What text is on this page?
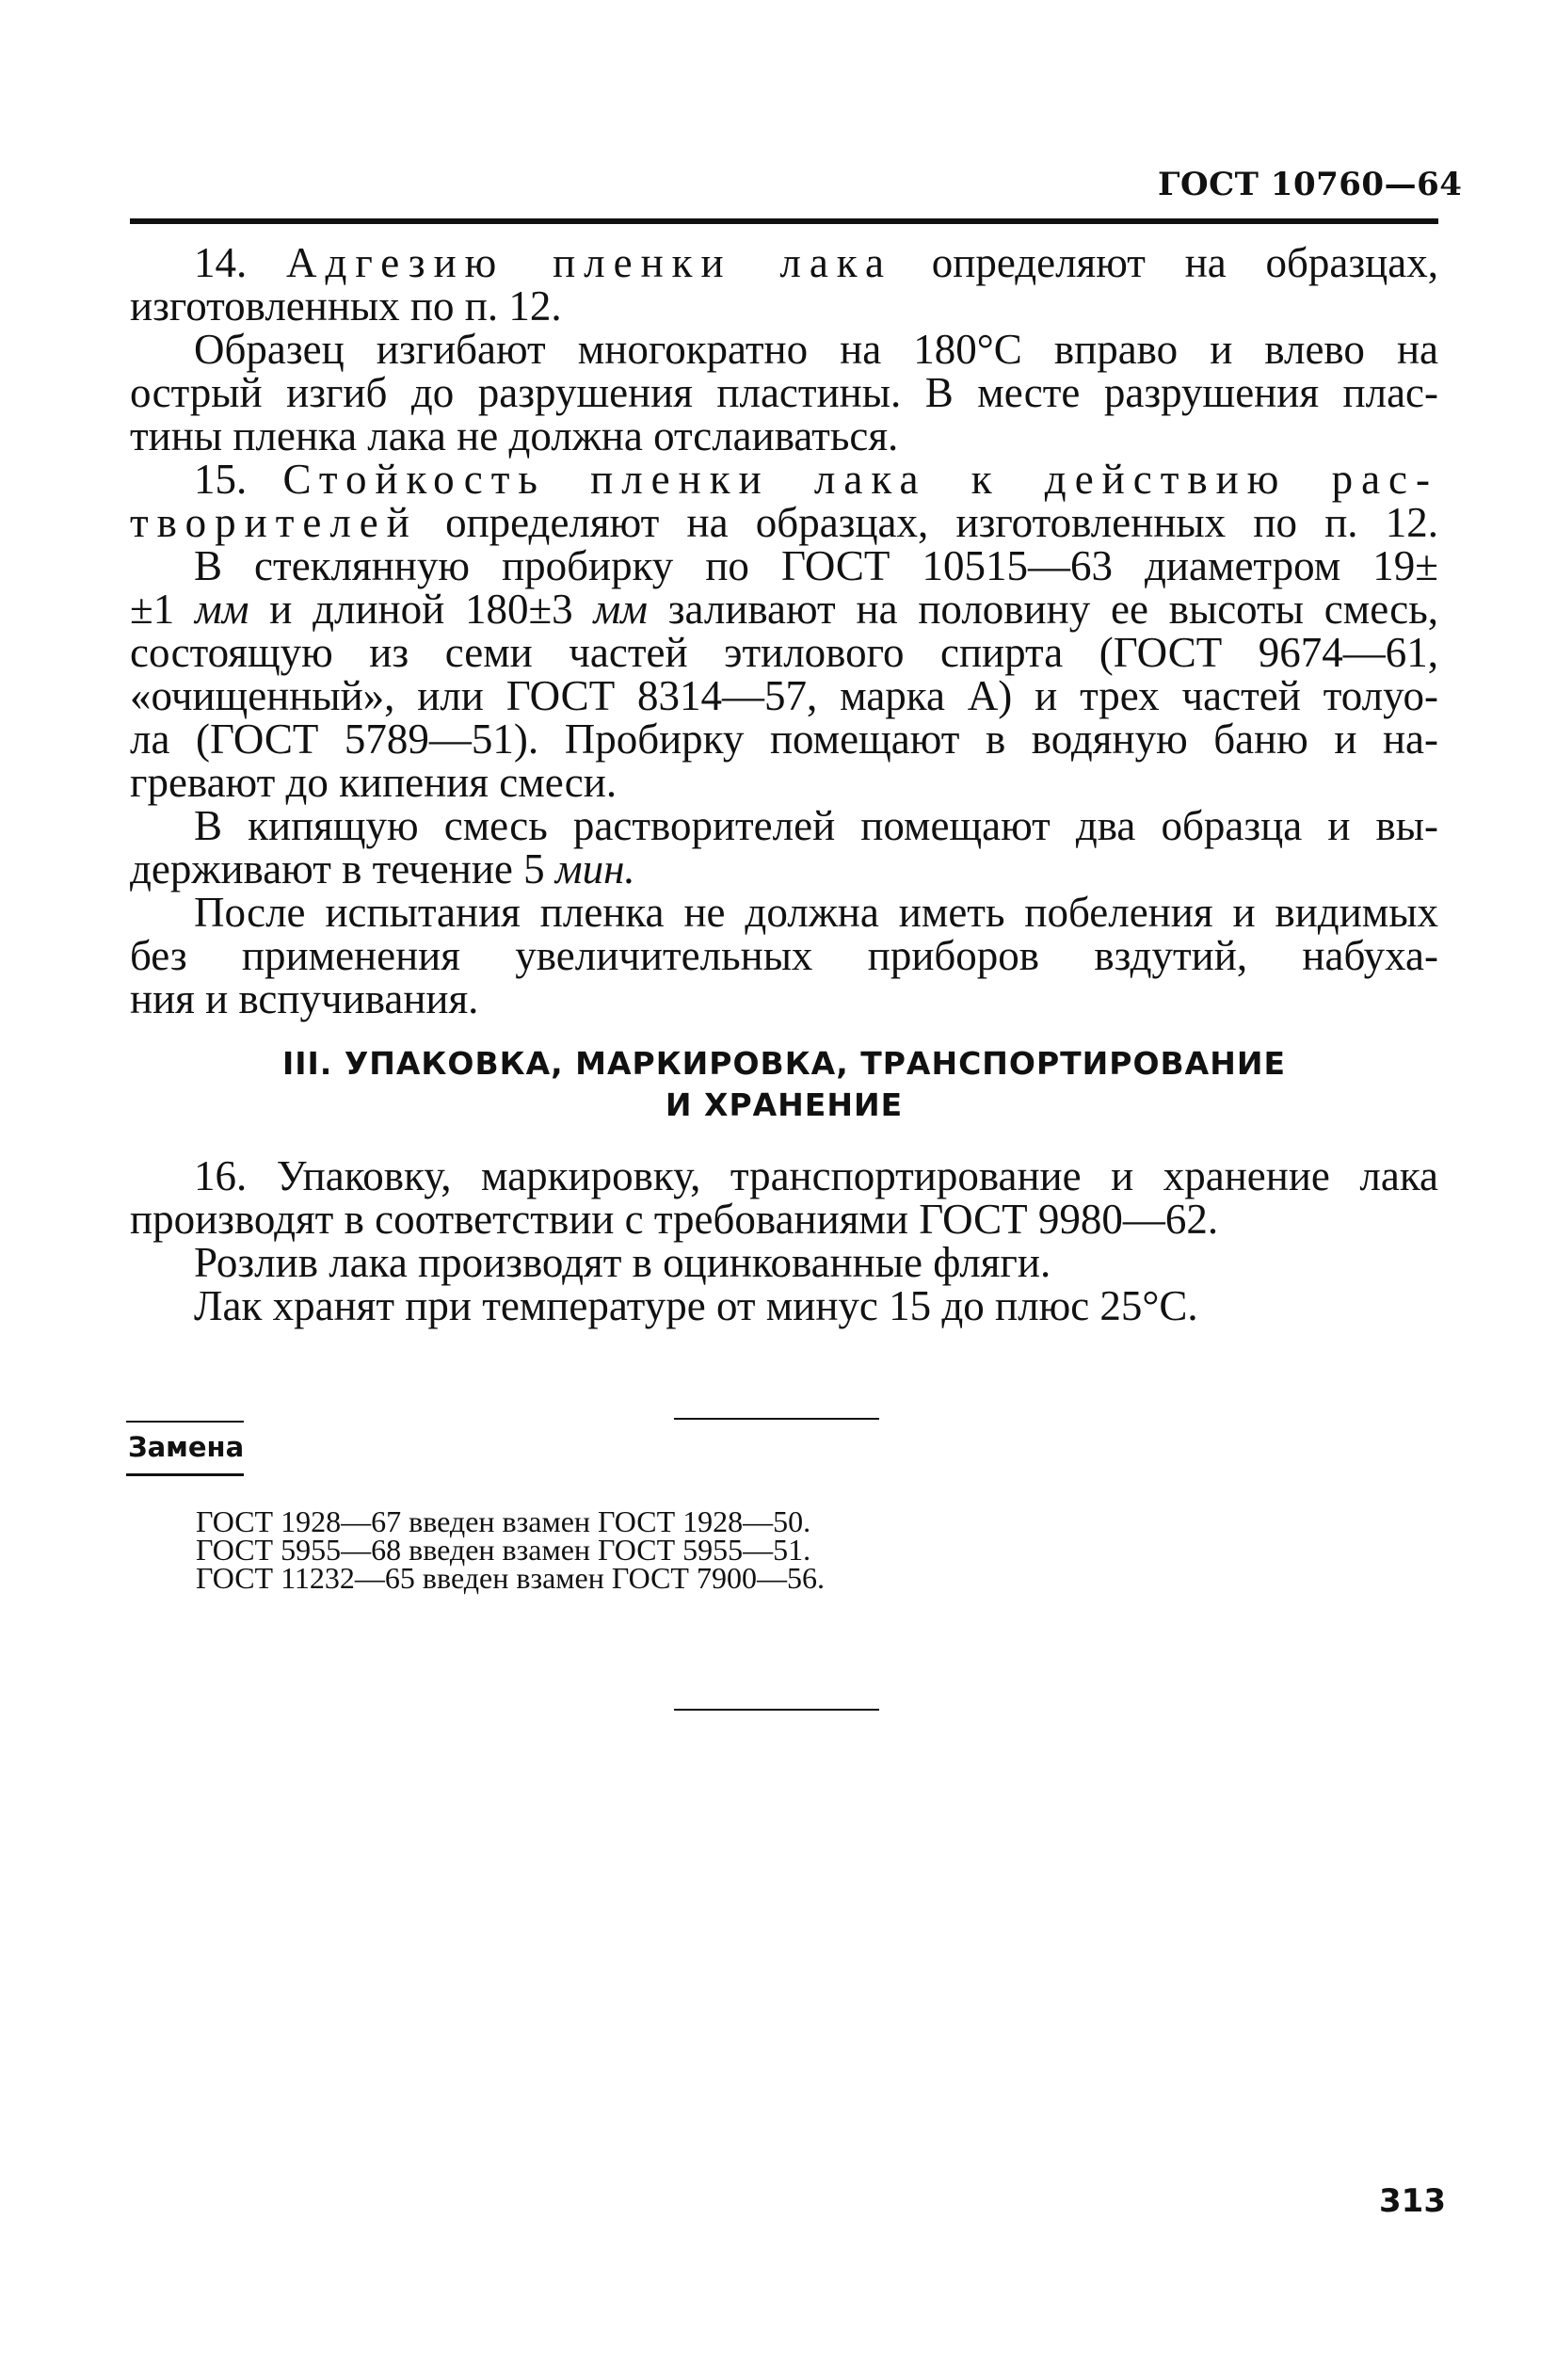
ГОСТ 10760—64

14. Адгезию пленки лака определяют на образцах,
изготовленных по п. 12.

Образец изгибают многократно на 180°С вправо и влево на
острый изгиб до разрушения пластины. В месте разрушения плас-
тины пленка лака не должна отслаиваться.

15. Стойкость пленки лака к действию рас-
творителей определяют на образцах, изготовленных по п. 12.

В стеклянную пробирку по ГОСТ 10515—63 диаметром 19±
±1 мм и длиной 180±3 мм заливают на половину ее высоты смесь,
состоящую из семи частей этилового спирта (ГОСТ 9674—61,
«очищенный», или ГОСТ 8314—57, марка А) и трех частей толуо-
ла (ГОСТ 5789—51). Пробирку помещают в водяную баню и на-
гревают до кипения смеси.

В кипящую смесь растворителей помещают два образца и вы-
держивают в течение 5 мин.

После испытания пленка не должна иметь побеления и видимых
без применения увеличительных приборов вздутий, набуха-
ния и вспучивания.

III. УПАКОВКА, МАРКИРОВКА, ТРАНСПОРТИРОВАНИЕ
И ХРАНЕНИЕ

16. Упаковку, маркировку, транспортирование и хранение лака
производят в соответствии с требованиями ГОСТ 9980—62.

Розлив лака производят в оцинкованные фляги.

Лак хранят при температуре от минус 15 до плюс 25°С.

Замена
ГОСТ 1928—67 введен взамен ГОСТ 1928—50.
ГОСТ 5955—68 введен взамен ГОСТ 5955—51.
ГОСТ 11232—65 введен взамен ГОСТ 7900—56.
313
